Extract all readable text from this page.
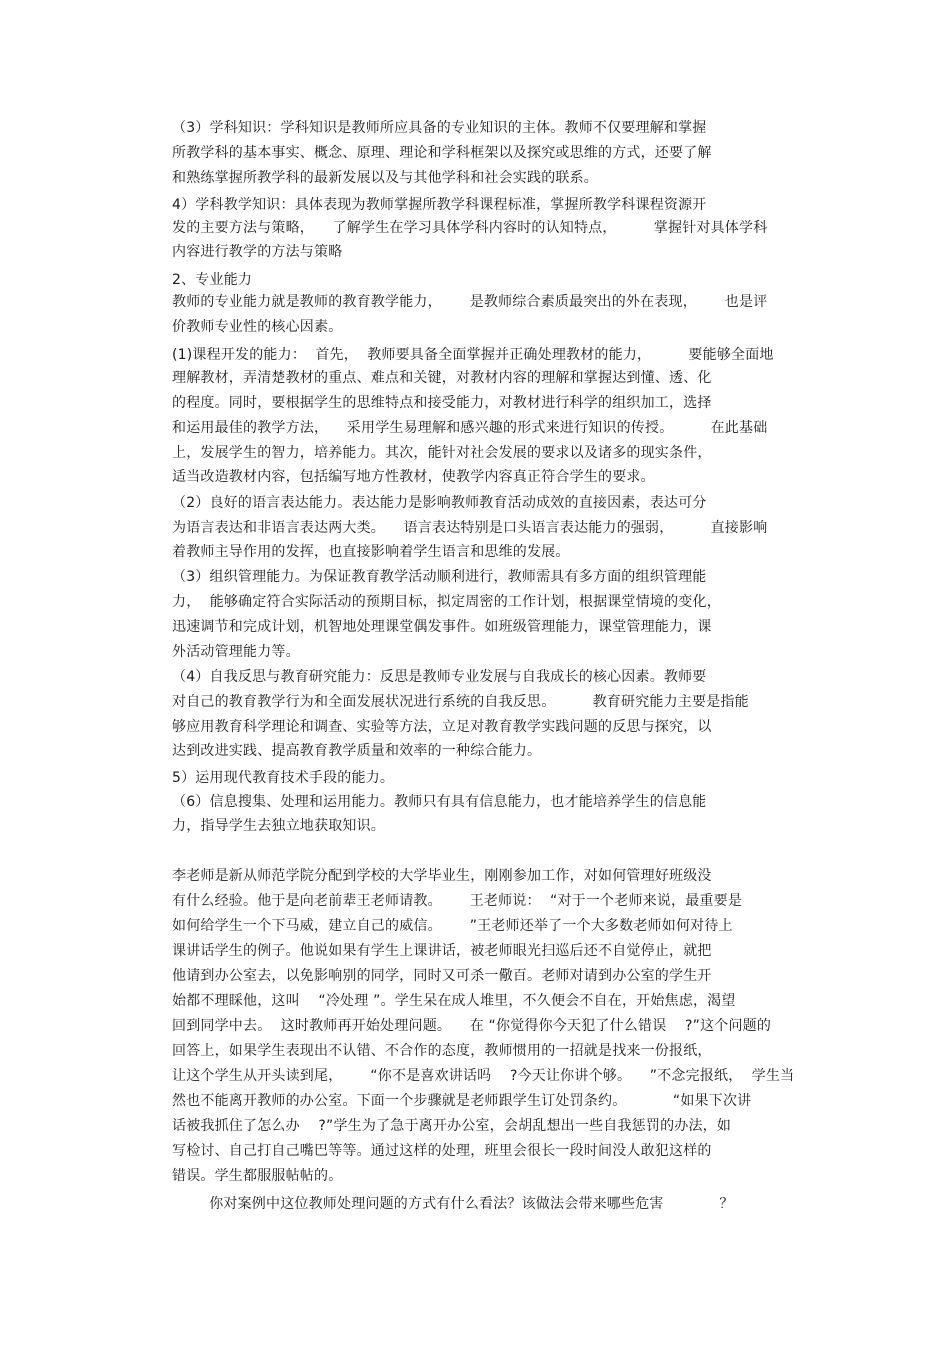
（3）学科知识：学科知识是教师所应具备的专业知识的主体。教师不仅要理解和掌握
所教学科的基本事实、概念、原理、理论和学科框架以及探究或思维的方式，还要了解
和熟练掌握所教学科的最新发展以及与其他学科和社会实践的联系。
4）学科教学知识：具体表现为教师掌握所教学科课程标准，掌握所教学科课程资源开
发的主要方法与策略，    了解学生在学习具体学科内容时的认知特点，        掌握针对具体学科
内容进行教学的方法与策略
2、专业能力
教师的专业能力就是教师的教育教学能力，      是教师综合素质最突出的外在表现，      也是评
价教师专业性的核心因素。
(1)课程开发的能力：  首先，  教师要具备全面掌握并正确处理教材的能力，        要能够全面地
理解教材，弄清楚教材的重点、难点和关键，对教材内容的理解和掌握达到懂、透、化
的程度。同时，要根据学生的思维特点和接受能力，对教材进行科学的组织加工，选择
和运用最佳的教学方法，    采用学生易理解和感兴趣的形式来进行知识的传授。        在此基础
上，发展学生的智力，培养能力。其次，能针对社会发展的要求以及诸多的现实条件，
适当改造教材内容，包括编写地方性教材，使教学内容真正符合学生的要求。
（2）良好的语言表达能力。表达能力是影响教师教育活动成效的直接因素，表达可分
为语言表达和非语言表达两大类。    语言表达特别是口头语言表达能力的强弱，        直接影响
着教师主导作用的发挥，也直接影响着学生语言和思维的发展。
（3）组织管理能力。为保证教育教学活动顺利进行，教师需具有多方面的组织管理能
力，  能够确定符合实际活动的预期目标，拟定周密的工作计划，根据课堂情境的变化，
迅速调节和完成计划，机智地处理课堂偶发事件。如班级管理能力，课堂管理能力，课
外活动管理能力等。
（4）自我反思与教育研究能力：反思是教师专业发展与自我成长的核心因素。教师要
对自己的教育教学行为和全面发展状况进行系统的自我反思。        教育研究能力主要是指能
够应用教育科学理论和调查、实验等方法，立足对教育教学实践问题的反思与探究，以
达到改进实践、提高教育教学质量和效率的一种综合能力。
5）运用现代教育技术手段的能力。
（6）信息搜集、处理和运用能力。教师只有具有信息能力，也才能培养学生的信息能
力，指导学生去独立地获取知识。
李老师是新从师范学院分配到学校的大学毕业生，刚刚参加工作，对如何管理好班级没
有什么经验。他于是向老前辈王老师请教。      王老师说：  “对于一个老师来说，最重要是
如何给学生一个下马威，建立自己的威信。      ”王老师还举了一个大多数老师如何对待上
课讲话学生的例子。他说如果有学生上课讲话，被老师眼光扫巡后还不自觉停止，就把
他请到办公室去，以免影响别的同学，同时又可杀一儆百。老师对请到办公室的学生开
始都不理睬他，这叫    “冷处理 ”。学生呆在成人堆里，不久便会不自在，开始焦虑，渴望
回到同学中去。  这时教师再开始处理问题。    在 “你觉得你今天犯了什么错误    ?”这个问题的
回答上，如果学生表现出不认错、不合作的态度，教师惯用的一招就是找来一份报纸，
让这个学生从开头读到尾，      “你不是喜欢讲话吗    ?今天让你讲个够。    ”不念完报纸，  学生当
然也不能离开教师的办公室。下面一个步骤就是老师跟学生订处罚条约。          “如果下次讲
话被我抓住了怎么办    ?”学生为了急于离开办公室，会胡乱想出一些自我惩罚的办法，如
写检讨、自己打自己嘴巴等等。通过这样的处理，班里会很长一段时间没人敢犯这样的
错误。学生都服服帖帖的。
你对案例中这位教师处理问题的方式有什么看法？该做法会带来哪些危害            ？
